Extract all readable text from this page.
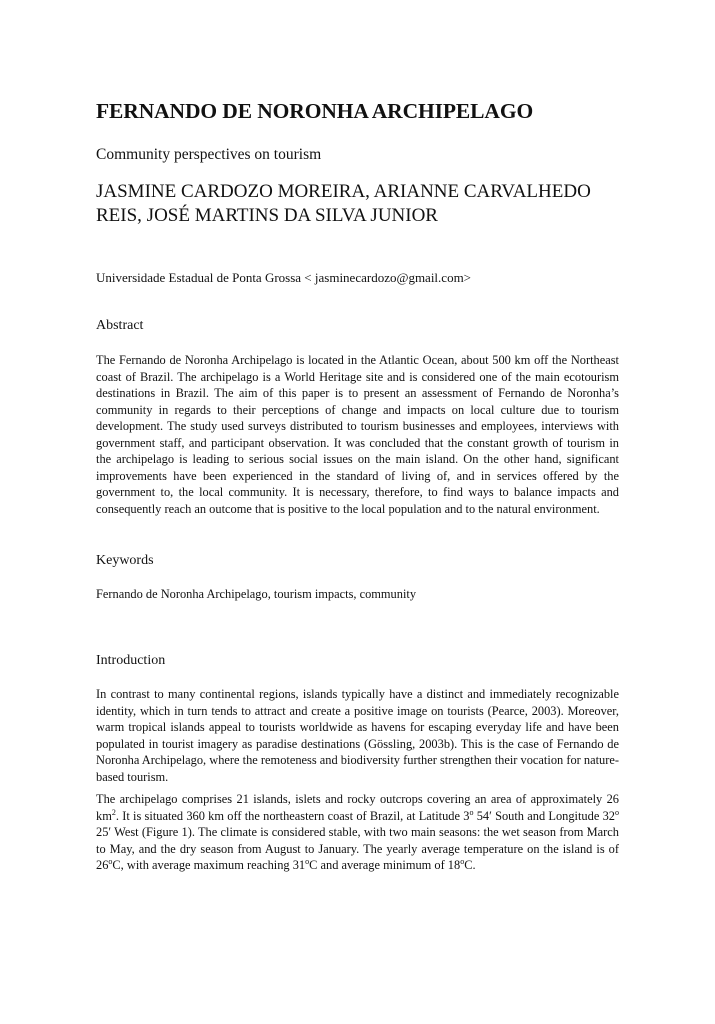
FERNANDO DE NORONHA ARCHIPELAGO

Community perspectives on tourism

JASMINE CARDOZO MOREIRA, ARIANNE CARVALHEDO REIS, JOSÉ MARTINS DA SILVA JUNIOR

Universidade Estadual de Ponta Grossa < jasminecardozo@gmail.com>

Abstract

The Fernando de Noronha Archipelago is located in the Atlantic Ocean, about 500 km off the Northeast coast of Brazil. The archipelago is a World Heritage site and is considered one of the main ecotourism destinations in Brazil. The aim of this paper is to present an assessment of Fernando de Noronha’s community in regards to their perceptions of change and impacts on local culture due to tourism development. The study used surveys distributed to tourism businesses and employees, interviews with government staff, and participant observation. It was concluded that the constant growth of tourism in the archipelago is leading to serious social issues on the main island. On the other hand, significant improvements have been experienced in the standard of living of, and in services offered by the government to, the local community. It is necessary, therefore, to find ways to balance impacts and consequently reach an outcome that is positive to the local population and to the natural environment.

Keywords

Fernando de Noronha Archipelago, tourism impacts, community

Introduction

In contrast to many continental regions, islands typically have a distinct and immediately recognizable identity, which in turn tends to attract and create a positive image on tourists (Pearce, 2003). Moreover, warm tropical islands appeal to tourists worldwide as havens for escaping everyday life and have been populated in tourist imagery as paradise destinations (Gössling, 2003b). This is the case of Fernando de Noronha Archipelago, where the remoteness and biodiversity further strengthen their vocation for nature-based tourism.

The archipelago comprises 21 islands, islets and rocky outcrops covering an area of approximately 26 $km^2$. It is situated 360 km off the northeastern coast of Brazil, at Latitude 3$^o$ 54′ South and Longitude 32$^o$ 25′ West (Figure 1). The climate is considered stable, with two main seasons: the wet season from March to May, and the dry season from August to January. The yearly average temperature on the island is of 26$^o$C, with average maximum reaching 31$^o$C and average minimum of 18$^o$C.
